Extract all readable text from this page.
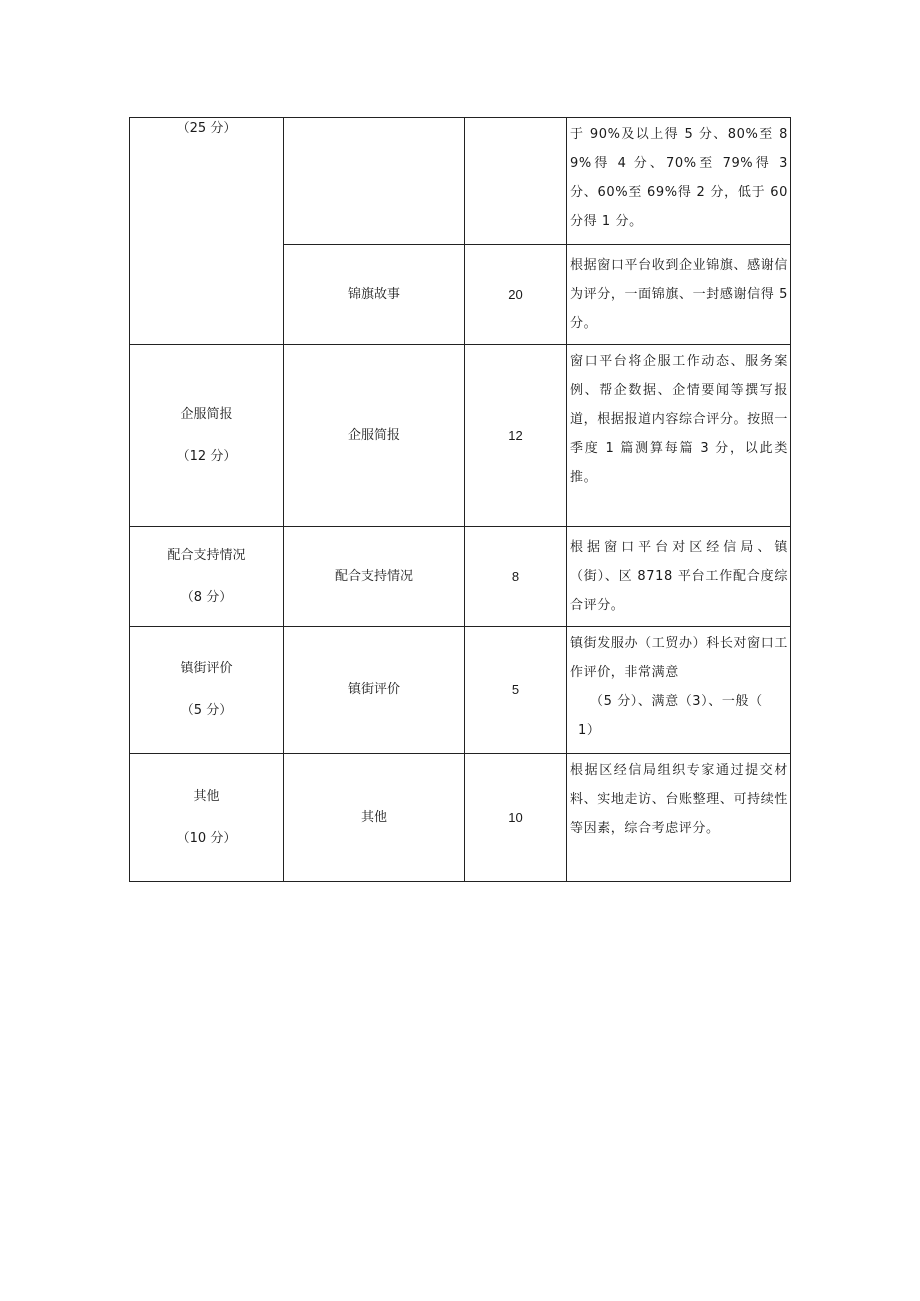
（25 分）			于 90%及以上得 5 分、80%至 89%得 4 分、70%至 79%得 3 分、60%至 69%得 2 分，低于 60 分得 1 分。

	锦旗故事	20	根据窗口平台收到企业锦旗、感谢信为评分，一面锦旗、一封感谢信得 5 分。

企服简报
（12 分）	企服简报	12	窗口平台将企服工作动态、服务案例、帮企数据、企情要闻等撰写报道，根据报道内容综合评分。按照一季度 1 篇测算每篇 3 分，以此类推。

配合支持情况
（8 分）	配合支持情况	8	根据窗口平台对区经信局、镇（街）、区 8718 平台工作配合度综合评分。

镇街评价
（5 分）	镇街评价	5	镇街发服办（工贸办）科长对窗口工作评价，非常满意
（5 分）、满意（3）、一般（
1）

其他
（10 分）	其他	10	根据区经信局组织专家通过提交材料、实地走访、台账整理、可持续性等因素，综合考虑评分。
